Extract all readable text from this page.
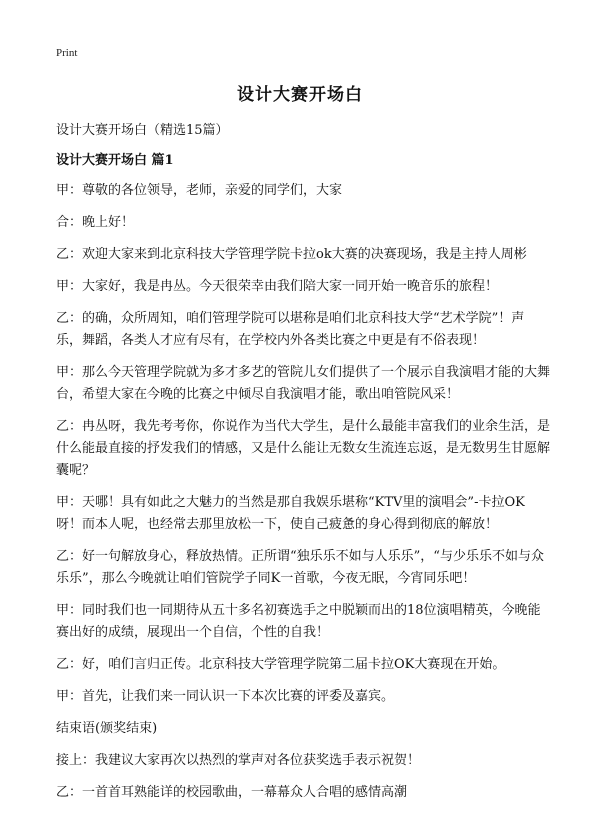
Print
设计大赛开场白

设计大赛开场白（精选15篇）

设计大赛开场白 篇1

甲：尊敬的各位领导，老师，亲爱的同学们，大家

合：晚上好！

乙：欢迎大家来到北京科技大学管理学院卡拉ok大赛的决赛现场，我是主持人周彬

甲：大家好，我是冉丛。今天很荣幸由我们陪大家一同开始一晚音乐的旅程！

乙：的确，众所周知，咱们管理学院可以堪称是咱们北京科技大学“艺术学院”！声乐，舞蹈，各类人才应有尽有，在学校内外各类比赛之中更是有不俗表现！

甲：那么今天管理学院就为多才多艺的管院儿女们提供了一个展示自我演唱才能的大舞台，希望大家在今晚的比赛之中倾尽自我演唱才能，歌出咱管院风采！

乙：冉丛呀，我先考考你，你说作为当代大学生，是什么最能丰富我们的业余生活，是什么能最直接的抒发我们的情感，又是什么能让无数女生流连忘返，是无数男生甘愿解囊呢？

甲：天哪！具有如此之大魅力的当然是那自我娱乐堪称“KTV里的演唱会”-卡拉OK呀！而本人呢，也经常去那里放松一下，使自己疲惫的身心得到彻底的解放！

乙：好一句解放身心，释放热情。正所谓“独乐乐不如与人乐乐”，“与少乐乐不如与众乐乐”，那么今晚就让咱们管院学子同K一首歌，今夜无眠，今宵同乐吧！

甲：同时我们也一同期待从五十多名初赛选手之中脱颖而出的18位演唱精英，今晚能赛出好的成绩，展现出一个自信，个性的自我！

乙：好，咱们言归正传。北京科技大学管理学院第二届卡拉OK大赛现在开始。

甲：首先，让我们来一同认识一下本次比赛的评委及嘉宾。

结束语(颁奖结束)

接上：我建议大家再次以热烈的掌声对各位获奖选手表示祝贺！

乙：一首首耳熟能详的校园歌曲，一幕幕众人合唱的感情高潮
